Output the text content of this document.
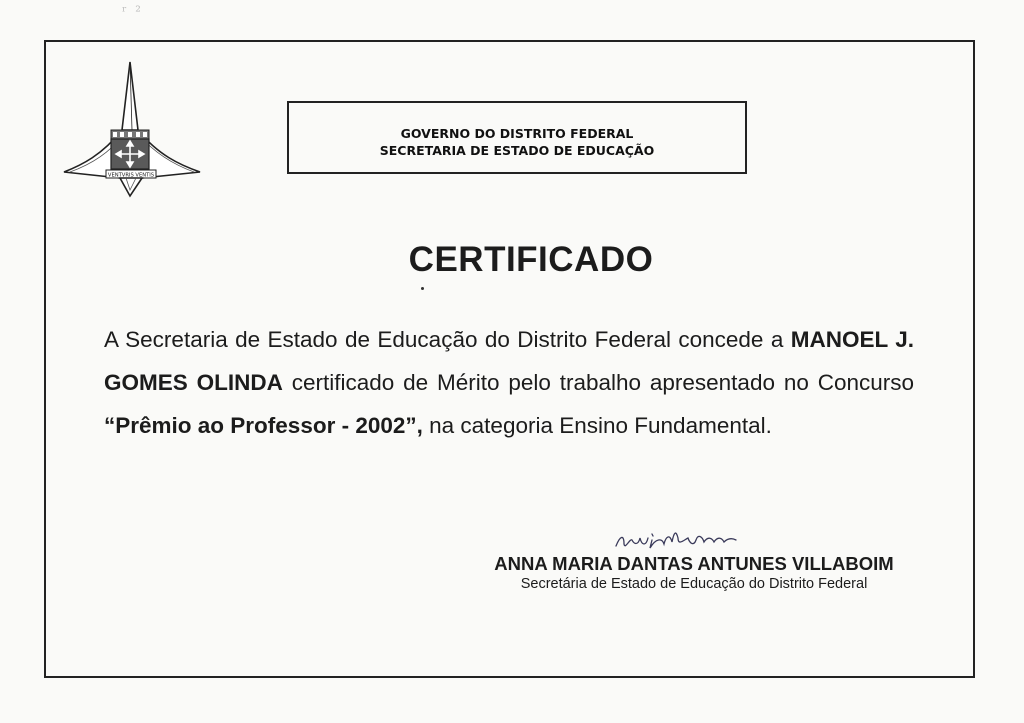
ʳ ²
VENTVRIS VENTIS
GOVERNO DO DISTRITO FEDERAL
SECRETARIA DE ESTADO DE EDUCAÇÃO
CERTIFICADO
A Secretaria de Estado de Educação do Distrito Federal concede a MANOEL J. GOMES OLINDA certificado de Mérito pelo trabalho apresentado no Concurso “Prêmio ao Professor - 2002”, na categoria Ensino Fundamental.
ANNA MARIA DANTAS ANTUNES VILLABOIM
Secretária de Estado de Educação do Distrito Federal
